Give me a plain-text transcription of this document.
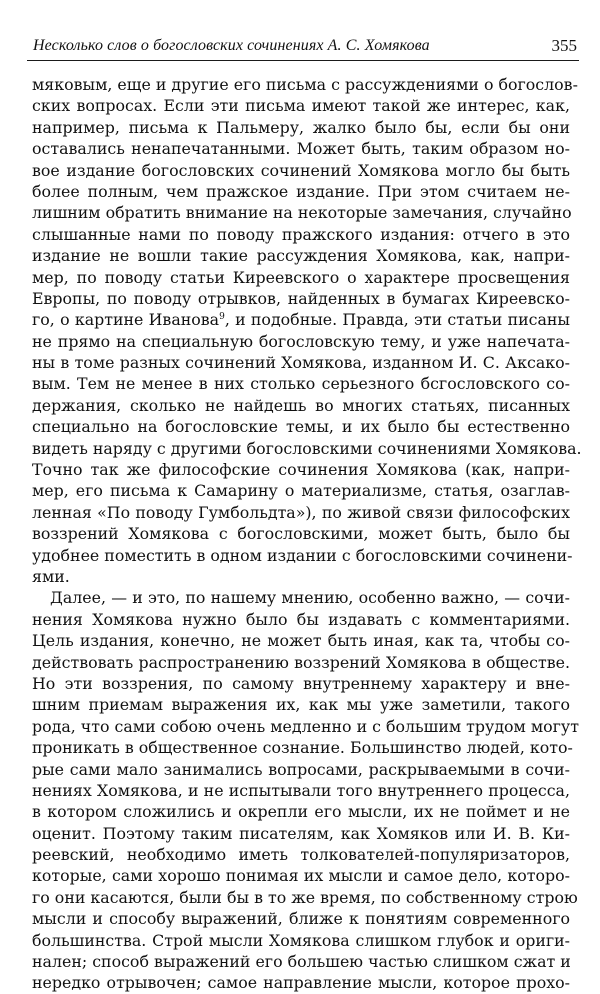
Несколько слов о богословских сочинениях А. С. Хомякова	355
мяковым, еще и другие его письма с рассуждениями о богослов-
ских вопросах. Если эти письма имеют такой же интерес, как,
например, письма к Пальмеру, жалко было бы, если бы они
оставались ненапечатанными. Может быть, таким образом но-
вое издание богословских сочинений Хомякова могло бы быть
более полным, чем пражское издание. При этом считаем не-
лишним обратить внимание на некоторые замечания, случайно
слышанные нами по поводу пражского издания: отчего в это
издание не вошли такие рассуждения Хомякова, как, напри-
мер, по поводу статьи Киреевского о характере просвещения
Европы, по поводу отрывков, найденных в бумагах Киреевско-
го, о картине Иванова$^9$, и подобные. Правда, эти статьи писаны
не прямо на специальную богословскую тему, и уже напечата-
ны в томе разных сочинений Хомякова, изданном И. С. Аксако-
вым. Тем не менее в них столько серьезного бсгословского со-
держания, сколько не найдешь во многих статьях, писанных
специально на богословские темы, и их было бы естественно
видеть наряду с другими богословскими сочинениями Хомякова.
Точно так же философские сочинения Хомякова (как, напри-
мер, его письма к Самарину о материализме, статья, озаглав-
ленная «По поводу Гумбольдта»), по живой связи философских
воззрений Хомякова с богословскими, может быть, было бы
удобнее поместить в одном издании с богословскими сочинени-
ями.
Далее, — и это, по нашему мнению, особенно важно, — сочи-
нения Хомякова нужно было бы издавать с комментариями.
Цель издания, конечно, не может быть иная, как та, чтобы со-
действовать распространению воззрений Хомякова в обществе.
Но эти воззрения, по самому внутреннему характеру и вне-
шним приемам выражения их, как мы уже заметили, такого
рода, что сами собою очень медленно и с большим трудом могут
проникать в общественное сознание. Большинство людей, кото-
рые сами мало занимались вопросами, раскрываемыми в сочи-
нениях Хомякова, и не испытывали того внутреннего процесса,
в котором сложились и окрепли его мысли, их не поймет и не
оценит. Поэтому таким писателям, как Хомяков или И. В. Ки-
реевский, необходимо иметь толкователей-популяризаторов,
которые, сами хорошо понимая их мысли и самое дело, которо-
го они касаются, были бы в то же время, по собственному строю
мысли и способу выражений, ближе к понятиям современного
большинства. Строй мысли Хомякова слишком глубок и ориги-
нален; способ выражений его большею частью слишком сжат и
нередко отрывочен; самое направление мысли, которое прохо-
